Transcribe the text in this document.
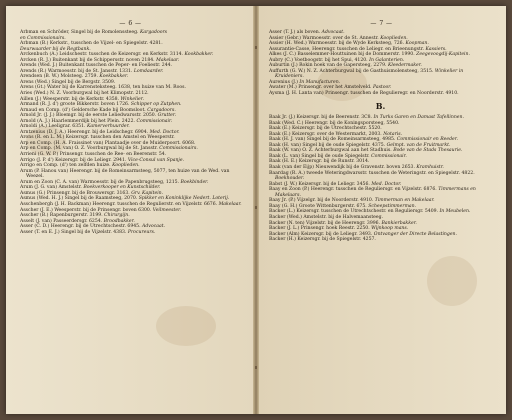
— 6 —
Arbman en Schröder, Singel bij de Romolenssteeg. Kargadoors
en Commissionairs.
Arbman (B.) Kerkstr., tusschen de Vijzel- en Spiegelstr. 4281.
Deurwaarder bij de Regtbank.
Arckenbuch (A.) Leidschestr. tusschen de Keizersgr. en Kerkstr. 3114. Kookbakker.
Arcken (R. J.) Buitenkant bij de Schippersstr. noven 2184. Makelaar.
Arends (Wed. J.) Buitenkant tusschen de Peper- en Foeliestr. 244.
Arends (R.) Warmoesstr. bij de St. Jansstr. 1331. Lomdaarder.
Arendsen (B. W.) Molsteeg. 2759. Koekbakker.
Arens (Wed.) Singel bij de Bergstr. 3509.
Arens (Gt.) Water bij de Karrensteksteeg. 1638, ten huize van M. Roos.
Aries (Wed.) N. Z. Voorburgwal bij het Klimopstr. 2112.
Aillen (J.) Weesperstr. bij de Kerkstr. 4358. Winkelier.
Armand (R. J. d') groote Bikkerstr. boven 1726. Schipper op Zutphen.
Arnaud en Comp. (d') Geldersche Kade bij Boomsloot. Cargadoors.
Arnold Jr. (J. J.) Bloemgr. bij de eerste Leliedwarsstr. 2050. Grutter.
Arnold (A. J.) Haarlemmerdijk bij het Plein. 2422. Commissionair.
Arnoldi (A.) Leeligrar. 6351. Kamerverhuurder.
Arntzenius (D. J. A.) Heerengr. bij de Leidschegr. 6904. Med. Doctor.
Arons (R. en L. M.) Keizersgr. tusschen den Amstel en Weesperstr.
Arp en Comp. (H. A. Fraissinet van) Plantaadje over de Muiderpoort. 6068.
Arp en Comp. (M. van) O. Z. Voorburgwal bij de St. Jansstr. Commissionairs.
Arrieni (G. W. P.) Prinsengr. tusschen de Ree- en Beerenstr. 54.
Arrigo (J. P. d') Keizersgr. bij de Leliegr. 2941. Vice-Consul van Spanje.
Arrigo en Comp. (d') ten zelfden huize. Kooplieden.
Arum (P. Hanou van) Heerengr. bij de Romeinsarmsteeg, 5077, ten huize van de Wed. van Weezel.
Arum en Zoon (C. A. van) Warmoesstr. bij de Papenbrugsteeg, 1215. Boekbinder.
Arum (J. G. van) Amstelstr. Boekverkooper en Kunstschilder.
Asmus (G.) Prinsengr. bij de Brouwersgr. 3163. Grv. Kapitein.
Asmus (Wed. H. J.) Singel bij de Raamsteeg, 2070. Spikker en Koninklijke Nedert. Loterij.
Asschenbergh (J. H. Backman) Heerengr. tusschen de Regulierstr. en Vijzelstr. 6676. Makelaar.
Asscher (J. E.) Weesperstr. bij de Prinsengr. boven 6300. Veilmeester.
Asscher (B.) Rapenburgerstr. 3199. Chirurgijn.
Asselt (J. van) Passeerdersgr. 6254. Broodbakker.
Asser (C. D.) Heerengr. bij de Utrechtschestr. 6945. Advocaat.
Asser (T. en E. J.) Singel bij de Vijzelstr. 4383. Procureurs.
— 7 —
Asser (T. J.) als boven. Advocaat.
Assier (Gebr.) Warmoesstr. over de St. Annestr. Kooplieden.
Assier (H. Wed.) Warmoesstr. bij de Wyde Kerksteeg, 726. Koopman.
Assurantie-Casse, Heerengr. tusschen de Leliegr. en Brieenungstr. Kassiers.
Alkes (J. C.) Basselemmer-Houttuinen bij de Dommerstr. 1990. Zeegevoogdij-Kapitein.
Aubry (C.) Voetboogstr. bij het Spui, 4120. In Galanterien.
Auburtin (J.) Rokin hoek van de Gapersteeg, 2279. Kleedermaker.
Auffurth (G. W.) N. Z. Achterburgwal bij de Gasthuismolensteeg, 3515. Winkelier in Kruideniers.
Aurenius (J.) In Manufacturen.
Awater (M.) Prinsengr. over het Amstelveld. Pastoor.
Aysma (J. H. Lanta van) Prinsengr. tusschen de Regulieregr. en Noorderstr. 4910.
B.
Baak Jr. (J.) Keizersgr. bij de Beerenstr. 3C8. In Turks Garen en Damast Tafellinnen.
Baak (Wed. C.) Heerengr. bij de Koningsporsteeg, 5540.
Baak (E.) Keizersgr. bij de Utrechtschestr. 5520.
Baak (E.) Keizersgr. over de Westermarkt, 2003. Notaris.
Baak (H. J. van) Singel bij de Romeinsarmsteeg, 4985. Commissionair en Reeder.
Baak (H. van) Singel bij de oude Spiegelstr. 4375. Gelmpt. van de Fruitmarkt.
Baak (W. van) O. Z. Achterburgwal aan het Stadhuis. Bode van de Stads Thesaurie.
Baak (L. van) Singel bij de oude Spiegelstr. Commissionair.
Baak (H. E.) Keizersgr. bij de Runstr. 3014.
Baak (van der Eijp) Nieuwendijk bij de Gravenstr. boven 2653. Kramhuistr.
Baardag (R. A.) tweede Weteringdwarsstr. tusschen de Weteringstr. en Spiegelstr. 4822. Boekhouder.
Babst (J. W.) Keizersgr. bij de Leliegr. 3456. Med. Doctor.
Baay en Zoon (P.) Heerengr. tusschen de Reguliersgr. en Vijzelstr. 6876. Timmermans en Makelaars.
Baay Jr. (P.) Vijzelgr. bij de Noorderstr. 4910. Timmerman en Makelaar.
Baay (G. H.) Groote Wittenburgerstr. 675. Scheepstimmerman.
Backer (L.) Keizersgr. tusschen de Utrechtschestr. en Reguliersgr. 5409. In Meubelen.
Backer (Wed.) Amstelstr. bij de Halvemaansteeg.
Backer (N. ten) Vijzelstr. bij de Heerengr. 3996. Bankierbakker.
Backer (J. L.) Prinsengr. hoek Reestr. 2250. Wijnkoop mans.
Backer (Alm) Keizersgr. bij de Leliegr. 3493. Ontvanger der Directe Belastingen.
Backer (H.) Keizersgr. bij de Spiegelstr. 4257.
